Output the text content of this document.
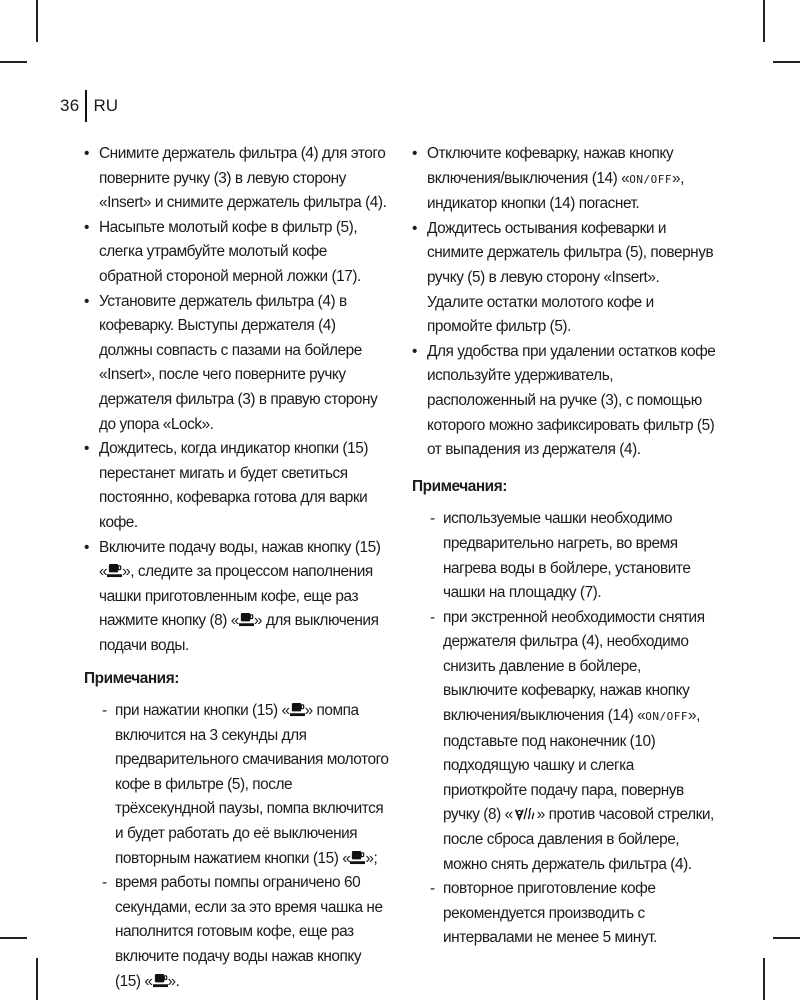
36 RU
• Снимите держатель фильтра (4) для этого поверните ручку (3) в левую сторону «Insert» и снимите держатель фильтра (4).
• Насыпьте молотый кофе в фильтр (5), слегка утрамбуйте молотый кофе обратной стороной мерной ложки (17).
• Установите держатель фильтра (4) в кофеварку. Выступы держателя (4) должны совпасть с пазами на бойлере «Insert», после чего поверните ручку держателя фильтра (3) в правую сторону до упора «Lock».
• Дождитесь, когда индикатор кнопки (15) перестанет мигать и будет светиться постоянно, кофеварка готова для варки кофе.
• Включите подачу воды, нажав кнопку (15) « », следите за процессом наполнения чашки приготовленным кофе, еще раз нажмите кнопку (8) « » для выключения подачи воды.
Примечания:
- при нажатии кнопки (15) « » помпа включится на 3 секунды для предварительного смачивания молотого кофе в фильтре (5), после трёхсекундной паузы, помпа включится и будет работать до её выключения повторным нажатием кнопки (15) « »;
- время работы помпы ограничено 60 секундами, если за это время чашка не наполнится готовым кофе, еще раз включите подачу воды нажав кнопку (15) « ».
• Отключите кофеварку, нажав кнопку включения/выключения (14) «ON/OFF», индикатор кнопки (14) погаснет.
• Дождитесь остывания кофеварки и снимите держатель фильтра (5), повернув ручку (5) в левую сторону «Insert». Удалите остатки молотого кофе и промойте фильтр (5).
• Для удобства при удалении остатков кофе используйте удерживатель, расположенный на ручке (3), с помощью которого можно зафиксировать фильтр (5) от выпадения из держателя (4).
Примечания:
- используемые чашки необходимо предварительно нагреть, во время нагрева воды в бойлере, установите чашки на площадку (7).
- при экстренной необходимости снятия держателя фильтра (4), необходимо снизить давление в бойлере, выключите кофеварку, нажав кнопку включения/выключения (14) «ON/OFF», подставьте под наконечник (10) подходящую чашку и слегка приоткройте подачу пара, повернув ручку (8) « » против часовой стрелки, после сброса давления в бойлере, можно снять держатель фильтра (4).
- повторное приготовление кофе рекомендуется производить с интервалами не менее 5 минут.
